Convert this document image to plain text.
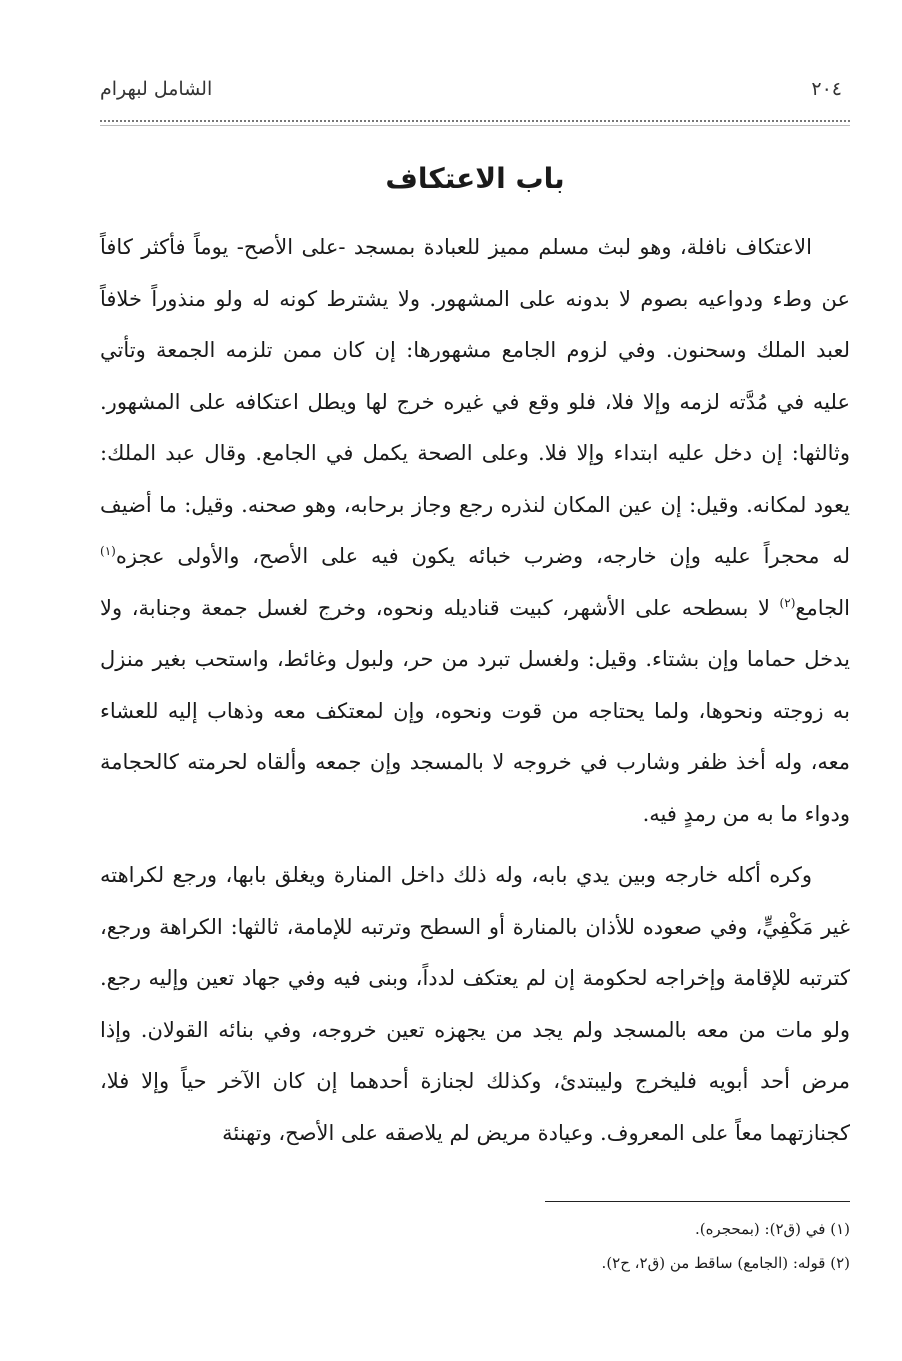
الشامل لبهرام	٢٠٤
باب الاعتكاف

الاعتكاف نافلة، وهو لبث مسلم مميز للعبادة بمسجد -على الأصح- يوماً فأكثر كافاً عن وطء ودواعيه بصوم لا بدونه على المشهور. ولا يشترط كونه له ولو منذوراً خلافاً لعبد الملك وسحنون. وفي لزوم الجامع مشهورها: إن كان ممن تلزمه الجمعة وتأتي عليه في مُدَّته لزمه وإلا فلا، فلو وقع في غيره خرج لها ويطل اعتكافه على المشهور. وثالثها: إن دخل عليه ابتداء وإلا فلا. وعلى الصحة يكمل في الجامع. وقال عبد الملك: يعود لمكانه. وقيل: إن عين المكان لنذره رجع وجاز برحابه، وهو صحنه. وقيل: ما أضيف له محجراً عليه وإن خارجه، وضرب خبائه يكون فيه على الأصح، والأولى عجزه$^{(١)}$ الجامع$^{(٢)}$ لا بسطحه على الأشهر، كبيت قناديله ونحوه، وخرج لغسل جمعة وجنابة، ولا يدخل حماما وإن بشتاء. وقيل: ولغسل تبرد من حر، ولبول وغائط، واستحب بغير منزل به زوجته ونحوها، ولما يحتاجه من قوت ونحوه، وإن لمعتكف معه وذهاب إليه للعشاء معه، وله أخذ ظفر وشارب في خروجه لا بالمسجد وإن جمعه وألقاه لحرمته كالحجامة ودواء ما به من رمدٍ فيه.

وكره أكله خارجه وبين يدي بابه، وله ذلك داخل المنارة ويغلق بابها، ورجع لكراهته غير مَكْفِيٍّ، وفي صعوده للأذان بالمنارة أو السطح وترتبه للإمامة، ثالثها: الكراهة ورجع، كترتبه للإقامة وإخراجه لحكومة إن لم يعتكف لدداً، وبنى فيه وفي جهاد تعين وإليه رجع. ولو مات من معه بالمسجد ولم يجد من يجهزه تعين خروجه، وفي بنائه القولان. وإذا مرض أحد أبويه فليخرج وليبتدئ، وكذلك لجنازة أحدهما إن كان الآخر حياً وإلا فلا، كجنازتهما معاً على المعروف. وعيادة مريض لم يلاصقه على الأصح، وتهنئة

(١) في (ق٢): (بمحجره).
(٢) قوله: (الجامع) ساقط من (ق٢، ح٢).
